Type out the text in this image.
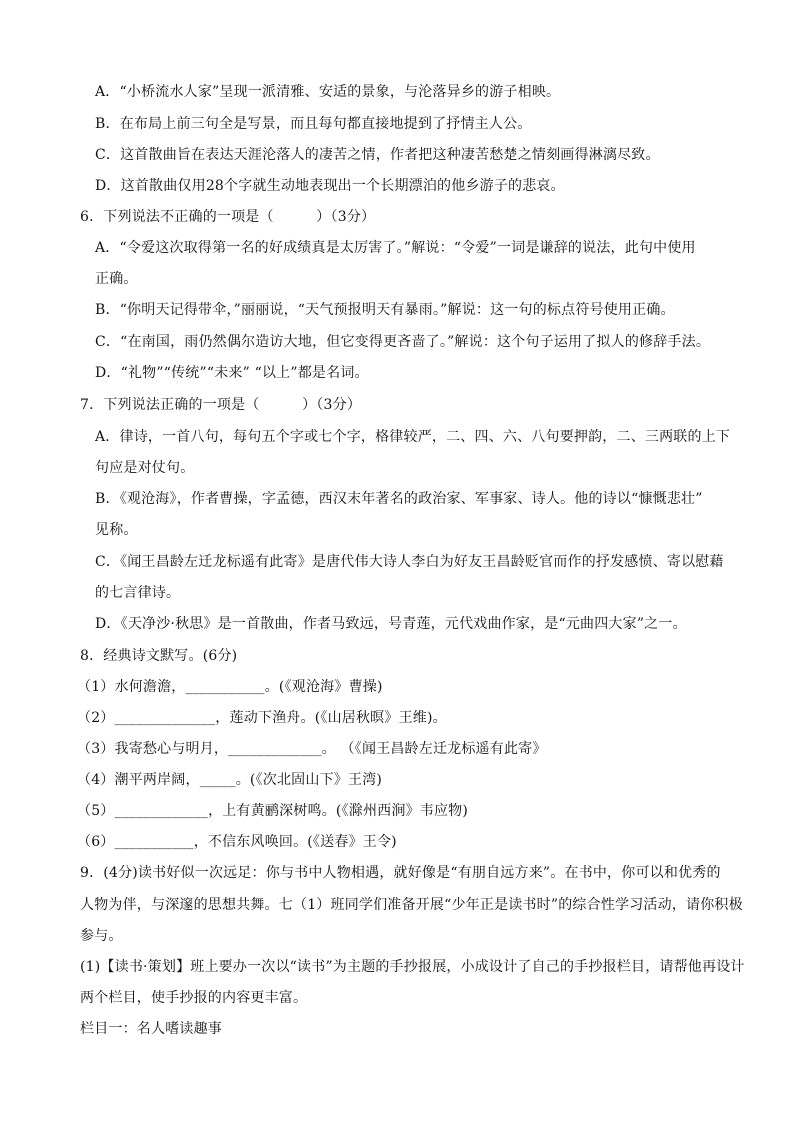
A．“小桥流水人家”呈现一派清雅、安适的景象，与沦落异乡的游子相映。
B．在布局上前三句全是写景，而且每句都直接地提到了抒情主人公。
C．这首散曲旨在表达天涯沦落人的凄苦之情，作者把这种凄苦愁楚之情刻画得淋漓尽致。
D．这首散曲仅用28个字就生动地表现出一个长期漂泊的他乡游子的悲哀。
6．下列说法不正确的一项是（　　　）（3分）
A．“令爱这次取得第一名的好成绩真是太厉害了。”解说：“令爱”一词是谦辞的说法，此句中使用
正确。
B．“你明天记得带伞，”丽丽说，“天气预报明天有暴雨。”解说：这一句的标点符号使用正确。
C．“在南国，雨仍然偶尔造访大地，但它变得更吝啬了。”解说：这个句子运用了拟人的修辞手法。
D．“礼物”“传统”“未来” “以上”都是名词。
7．下列说法正确的一项是（　　　）（3分）
A．律诗，一首八句，每句五个字或七个字，格律较严，二、四、六、八句要押韵，二、三两联的上下
句应是对仗句。
B．《观沧海》，作者曹操，字孟德，西汉末年著名的政治家、军事家、诗人。他的诗以“慷慨悲壮”
见称。
C．《闻王昌龄左迁龙标遥有此寄》是唐代伟大诗人李白为好友王昌龄贬官而作的抒发感愤、寄以慰藉
的七言律诗。
D．《天净沙·秋思》是一首散曲，作者马致远，号青莲，元代戏曲作家，是“元曲四大家”之一。
8．经典诗文默写。(6分)
（1）水何澹澹，___________。(《观沧海》曹操)
（2）______________，莲动下渔舟。(《山居秋暝》王维)。
（3）我寄愁心与明月，_____________。 （《闻王昌龄左迁龙标遥有此寄》
（4）潮平两岸阔，_____。(《次北固山下》王湾)
（5）_____________，上有黄鹂深树鸣。(《滁州西涧》韦应物)
（6）___________，不信东风唤回。(《送春》王令)
9．(4分)读书好似一次远足：你与书中人物相遇，就好像是“有朋自远方来”。在书中，你可以和优秀的
人物为伴，与深邃的思想共舞。七（1）班同学们准备开展“少年正是读书时”的综合性学习活动，请你积极
参与。
(1)【读书·策划】班上要办一次以“读书”为主题的手抄报展，小成设计了自己的手抄报栏目，请帮他再设计
两个栏目，使手抄报的内容更丰富。
栏目一：名人嗜读趣事
